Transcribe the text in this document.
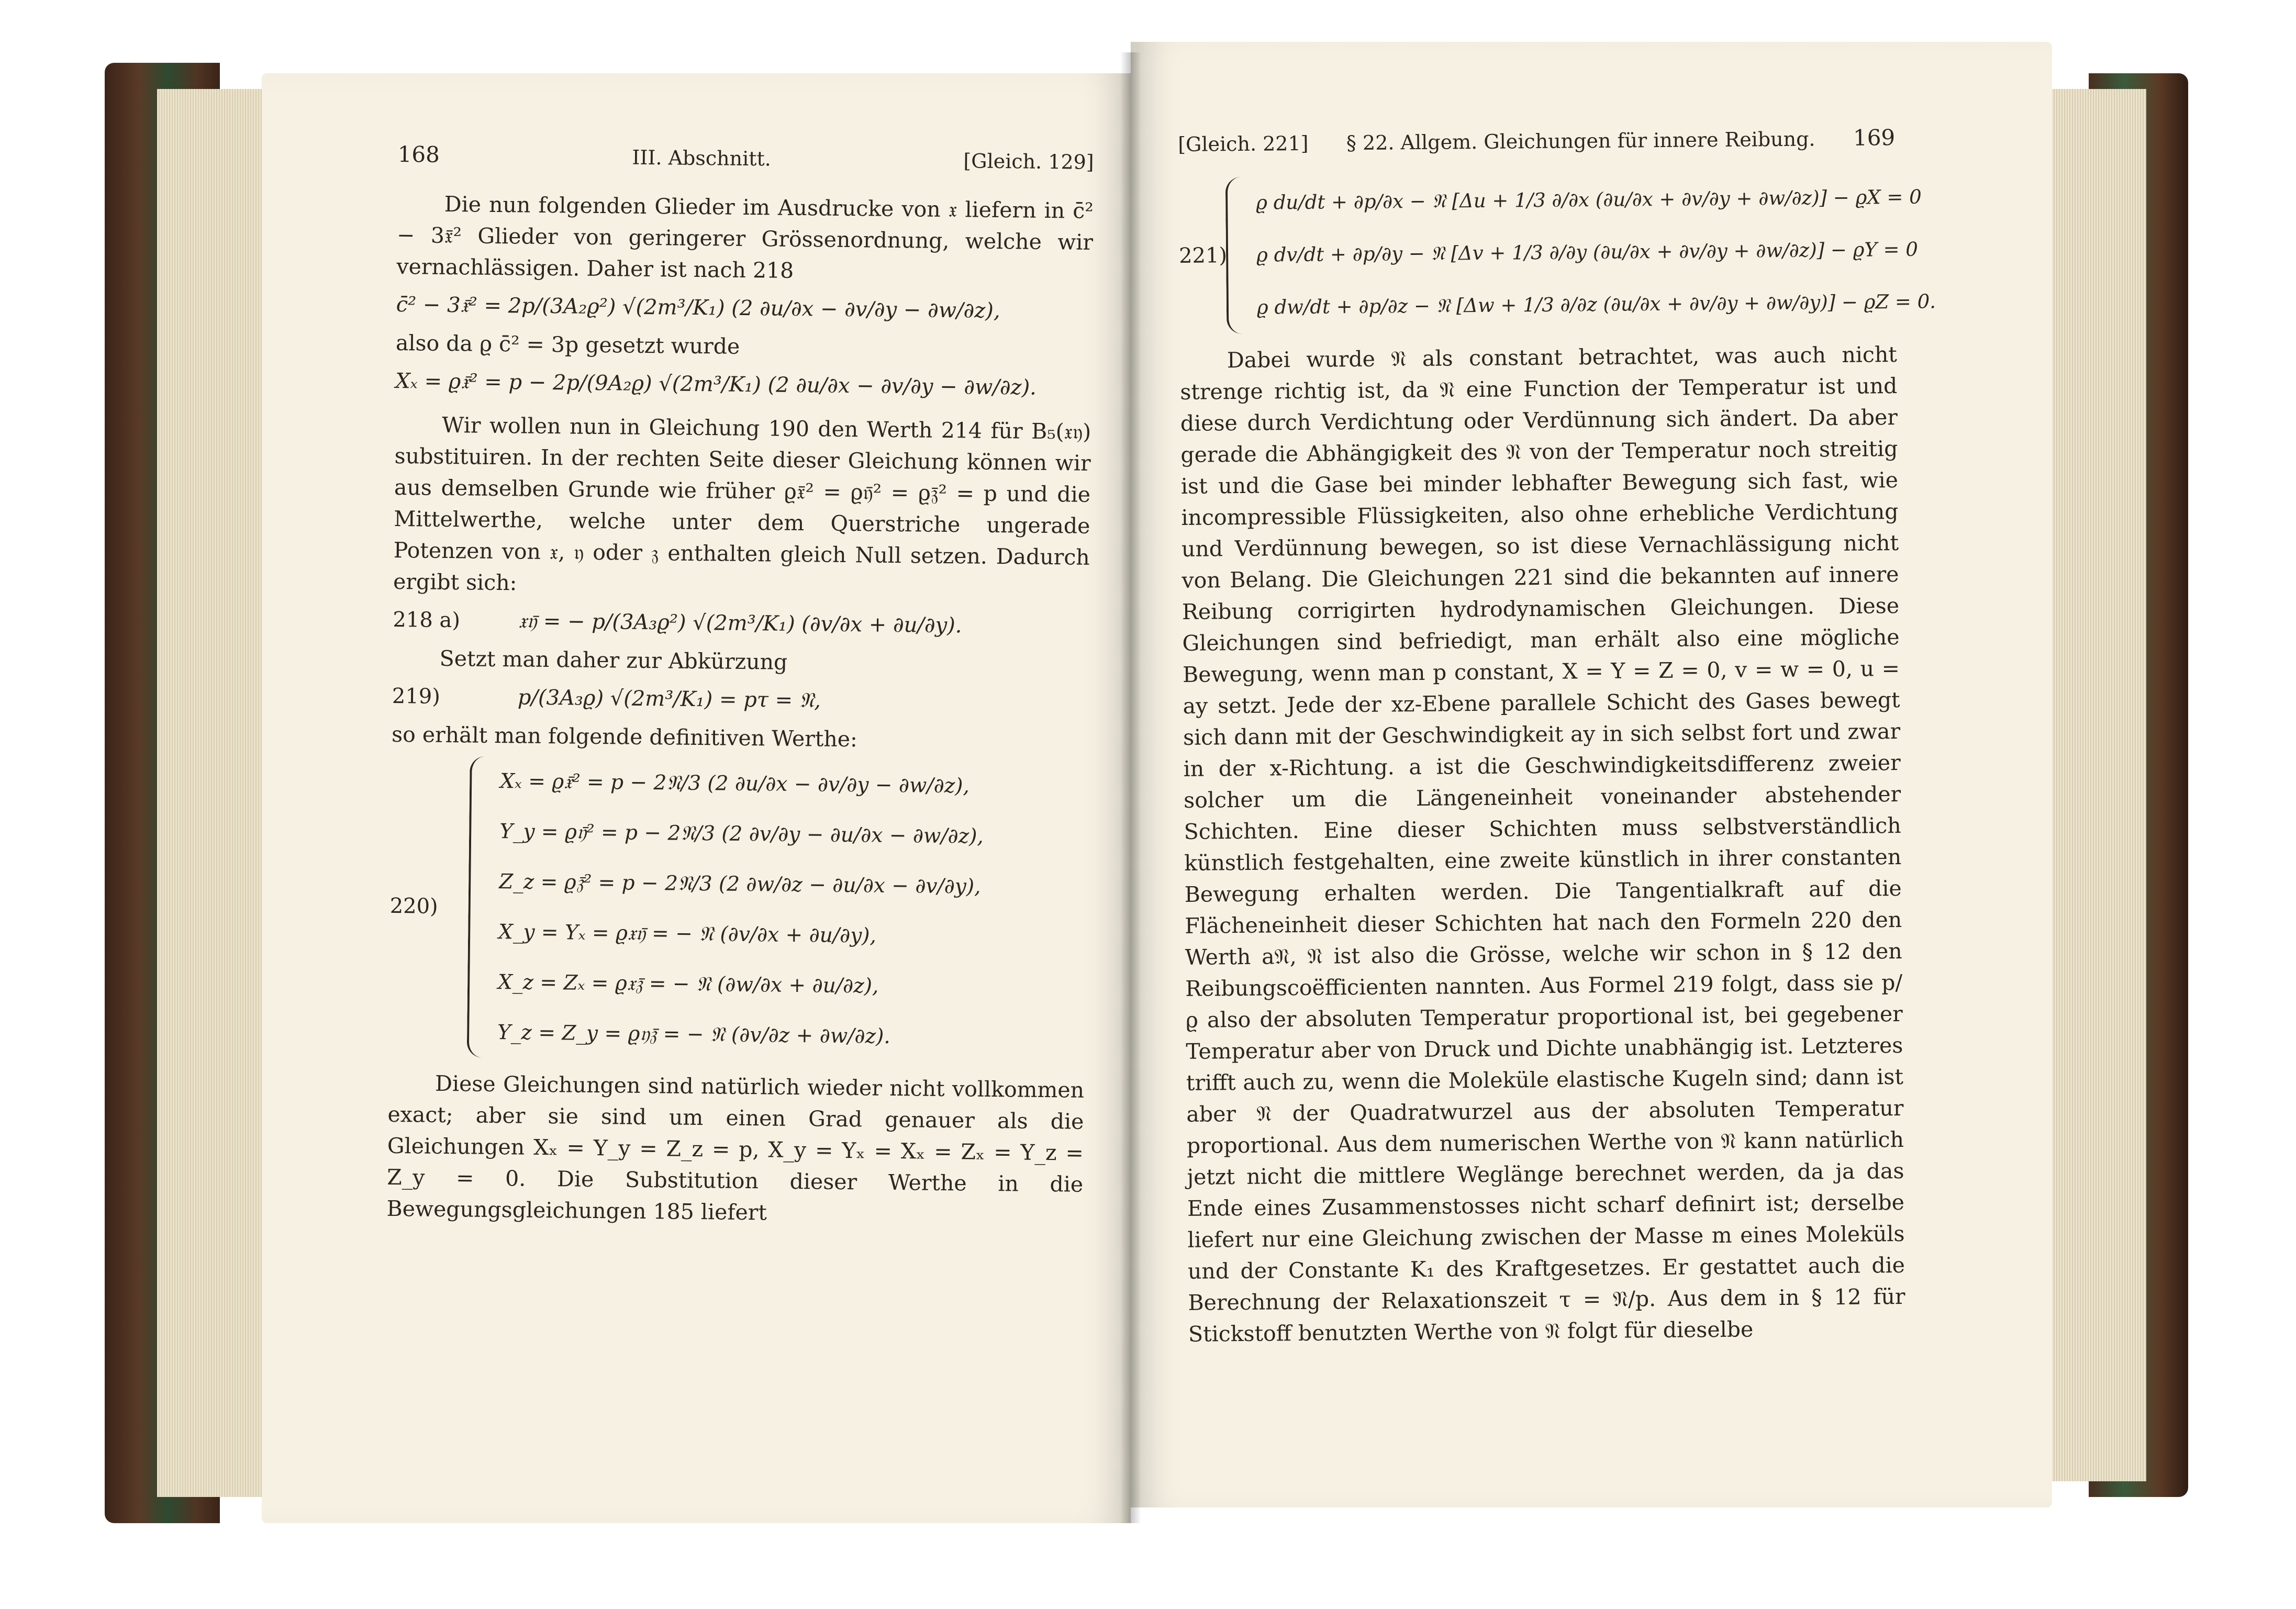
168	III. Abschnitt.	[Gleich. 129]

Die nun folgenden Glieder im Ausdrucke von 𝔵 liefern in c̄² − 3𝔵̄² Glieder von geringerer Grössenordnung, welche wir vernachlässigen. Daher ist nach 218

c̄² − 3𝔵̄² = 2p/(3A₂ϱ²) √(2m³/K₁) (2 ∂u/∂x − ∂v/∂y − ∂w/∂z),

also da ϱ c̄² = 3p gesetzt wurde

Xₓ = ϱ𝔵̄² = p − 2p/(9A₂ϱ) √(2m³/K₁) (2 ∂u/∂x − ∂v/∂y − ∂w/∂z).

Wir wollen nun in Gleichung 190 den Werth 214 für B₅(𝔵𝔶) substituiren. In der rechten Seite dieser Gleichung können wir aus demselben Grunde wie früher ϱ𝔵̄² = ϱ𝔶̄² = ϱ𝔷̄² = p und die Mittelwerthe, welche unter dem Querstriche ungerade Potenzen von 𝔵, 𝔶 oder 𝔷 enthalten gleich Null setzen. Dadurch ergibt sich:

218 a)	𝔵𝔶̄ = − p/(3A₃ϱ²) √(2m³/K₁) (∂v/∂x + ∂u/∂y).

Setzt man daher zur Abkürzung

219)	p/(3A₃ϱ) √(2m³/K₁) = pτ = 𝔑,

so erhält man folgende definitiven Werthe:

220)
Xₓ = ϱ𝔵̄² = p − 2𝔑/3 (2 ∂u/∂x − ∂v/∂y − ∂w/∂z),
Y_y = ϱ𝔶̄² = p − 2𝔑/3 (2 ∂v/∂y − ∂u/∂x − ∂w/∂z),
Z_z = ϱ𝔷̄² = p − 2𝔑/3 (2 ∂w/∂z − ∂u/∂x − ∂v/∂y),
X_y = Yₓ = ϱ𝔵𝔶̄ = − 𝔑 (∂v/∂x + ∂u/∂y),
X_z = Zₓ = ϱ𝔵𝔷̄ = − 𝔑 (∂w/∂x + ∂u/∂z),
Y_z = Z_y = ϱ𝔶𝔷̄ = − 𝔑 (∂v/∂z + ∂w/∂z).

Diese Gleichungen sind natürlich wieder nicht vollkommen exact; aber sie sind um einen Grad genauer als die Gleichungen Xₓ = Y_y = Z_z = p, X_y = Yₓ = Xₓ = Zₓ = Y_z = Z_y = 0. Die Substitution dieser Werthe in die Bewegungsgleichungen 185 liefert

[Gleich. 221] § 22. Allgem. Gleichungen für innere Reibung. 169
221)
ϱ du/dt + ∂p/∂x − 𝔑 [Δu + 1/3 ∂/∂x (∂u/∂x + ∂v/∂y + ∂w/∂z)] − ϱX = 0
ϱ dv/dt + ∂p/∂y − 𝔑 [Δv + 1/3 ∂/∂y (∂u/∂x + ∂v/∂y + ∂w/∂z)] − ϱY = 0
ϱ dw/dt + ∂p/∂z − 𝔑 [Δw + 1/3 ∂/∂z (∂u/∂x + ∂v/∂y + ∂w/∂y)] − ϱZ = 0.

Dabei wurde 𝔑 als constant betrachtet, was auch nicht strenge richtig ist, da 𝔑 eine Function der Temperatur ist und diese durch Verdichtung oder Verdünnung sich ändert. Da aber gerade die Abhängigkeit des 𝔑 von der Temperatur noch streitig ist und die Gase bei minder lebhafter Bewegung sich fast, wie incompressible Flüssigkeiten, also ohne erhebliche Verdichtung und Verdünnung bewegen, so ist diese Vernachlässigung nicht von Belang. Die Gleichungen 221 sind die bekannten auf innere Reibung corrigirten hydrodynamischen Gleichungen. Diese Gleichungen sind befriedigt, man erhält also eine mögliche Bewegung, wenn man p constant, X = Y = Z = 0, v = w = 0, u = ay setzt. Jede der xz-Ebene parallele Schicht des Gases bewegt sich dann mit der Geschwindigkeit ay in sich selbst fort und zwar in der x-Richtung. a ist die Geschwindigkeitsdifferenz zweier solcher um die Längeneinheit voneinander abstehender Schichten. Eine dieser Schichten muss selbstverständlich künstlich festgehalten, eine zweite künstlich in ihrer constanten Bewegung erhalten werden. Die Tangentialkraft auf die Flächeneinheit dieser Schichten hat nach den Formeln 220 den Werth a𝔑, 𝔑 ist also die Grösse, welche wir schon in § 12 den Reibungscoëfficienten nannten. Aus Formel 219 folgt, dass sie p/ϱ also der absoluten Temperatur proportional ist, bei gegebener Temperatur aber von Druck und Dichte unabhängig ist. Letzteres trifft auch zu, wenn die Moleküle elastische Kugeln sind; dann ist aber 𝔑 der Quadratwurzel aus der absoluten Temperatur proportional. Aus dem numerischen Werthe von 𝔑 kann natürlich jetzt nicht die mittlere Weglänge berechnet werden, da ja das Ende eines Zusammenstosses nicht scharf definirt ist; derselbe liefert nur eine Gleichung zwischen der Masse m eines Moleküls und der Constante K₁ des Kraftgesetzes. Er gestattet auch die Berechnung der Relaxationszeit τ = 𝔑/p. Aus dem in § 12 für Stickstoff benutzten Werthe von 𝔑 folgt für dieselbe
